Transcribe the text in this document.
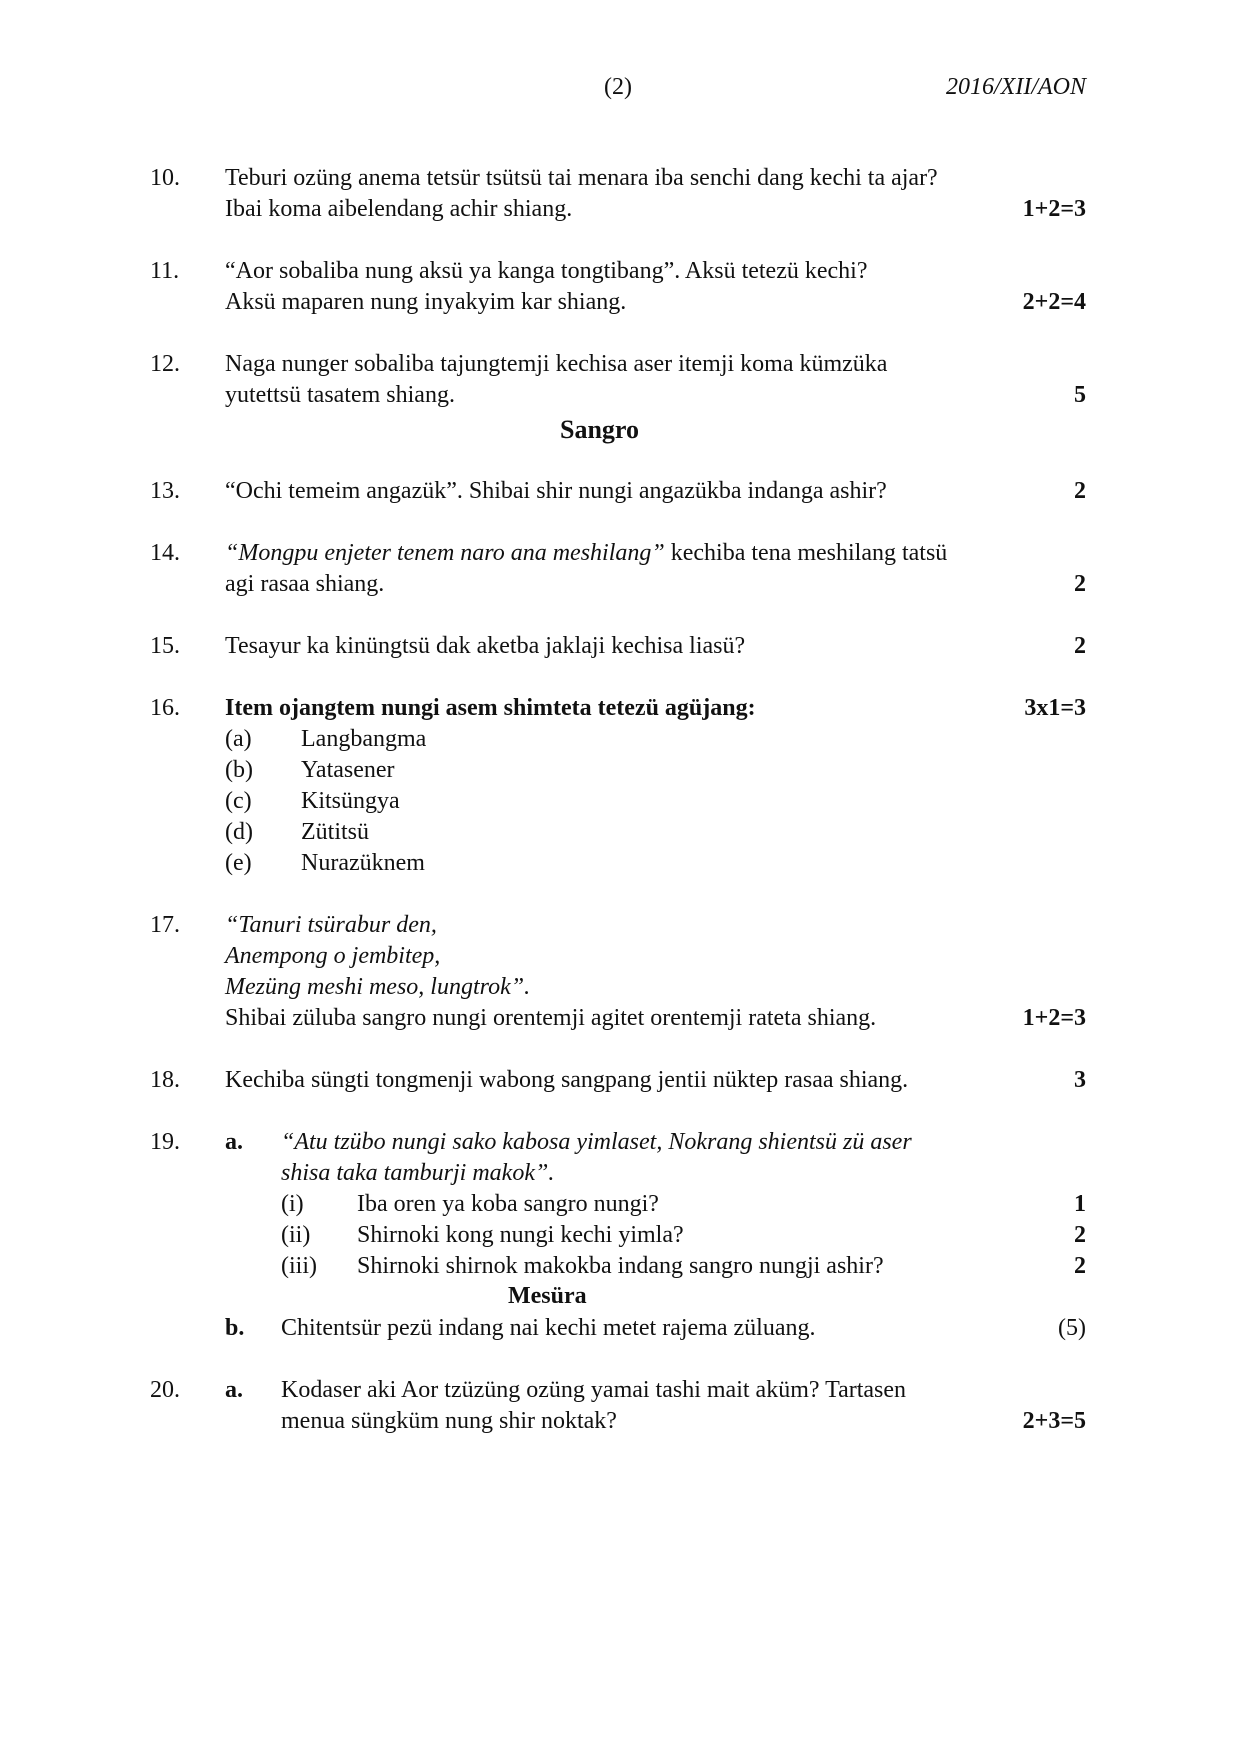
(2)	2016/XII/AON
10. Teburi ozüng anema tetsür tsütsü tai menara iba senchi dang kechi ta ajar?
Ibai koma aibelendang achir shiang.	1+2=3
11. “Aor sobaliba nung aksü ya kanga tongtibang”. Aksü tetezü kechi?
Aksü maparen nung inyakyim kar shiang.	2+2=4
12. Naga nunger sobaliba tajungtemji kechisa aser itemji koma kümzüka
yutettsü tasatem shiang.	5
Sangro
13. “Ochi temeim angazük”. Shibai shir nungi angazükba indanga ashir?	2
14. “Mongpu enjeter tenem naro ana meshilang” kechiba tena meshilang tatsü
agi rasaa shiang.	2
15. Tesayur ka kinüngtsü dak aketba jaklaji kechisa liasü?	2
16. Item ojangtem nungi asem shimteta tetezü agüjang:	3x1=3
(a) Langbangma
(b) Yatasener
(c) Kitsüngya
(d) Zütitsü
(e) Nurazüknem
17. “Tanuri tsürabur den,
Anempong o jembitep,
Mezüng meshi meso, lungtrok”.
Shibai züluba sangro nungi orentemji agitet orentemji rateta shiang.	1+2=3
18. Kechiba süngti tongmenji wabong sangpang jentii nüktep rasaa shiang.	3
19. a. “Atu tzübo nungi sako kabosa yimlaset, Nokrang shientsü zü aser
shisa taka tamburji makok”.
(i) Iba oren ya koba sangro nungi?	1
(ii) Shirnoki kong nungi kechi yimla?	2
(iii) Shirnoki shirnok makokba indang sangro nungji ashir?	2
Mesüra
b. Chitentsür pezü indang nai kechi metet rajema züluang.	(5)
20. a. Kodaser aki Aor tzüzüng ozüng yamai tashi mait aküm? Tartasen
menua süngküm nung shir noktak?	2+3=5
